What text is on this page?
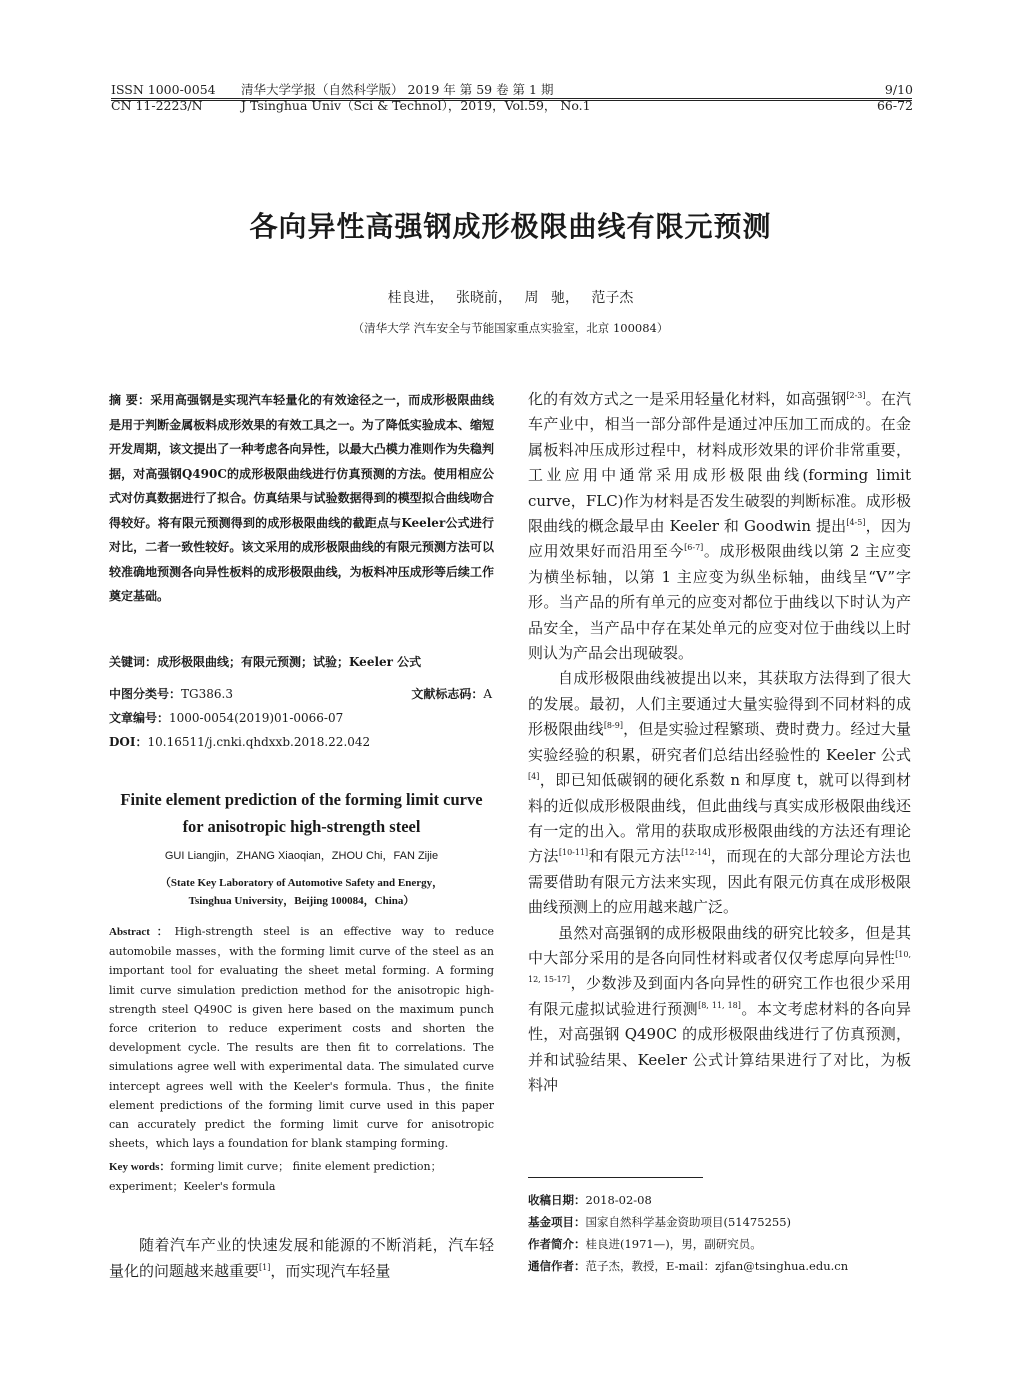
ISSN 1000-0054
CN 11-2223/N
清华大学学报（自然科学版） 2019 年 第 59 卷 第 1 期
J Tsinghua Univ（Sci & Technol），2019，Vol.59， No.1
9/10
66-72
各向异性高强钢成形极限曲线有限元预测
桂良进， 张晓前， 周 驰， 范子杰
（清华大学 汽车安全与节能国家重点实验室，北京 100084）
摘 要：采用高强钢是实现汽车轻量化的有效途径之一，而成形极限曲线是用于判断金属板料成形效果的有效工具之一。为了降低实验成本、缩短开发周期，该文提出了一种考虑各向异性，以最大凸模力准则作为失稳判据，对高强钢Q490C的成形极限曲线进行仿真预测的方法。使用相应公式对仿真数据进行了拟合。仿真结果与试验数据得到的模型拟合曲线吻合得较好。将有限元预测得到的成形极限曲线的截距点与Keeler公式进行对比，二者一致性较好。该文采用的成形极限曲线的有限元预测方法可以较准确地预测各向异性板料的成形极限曲线，为板料冲压成形等后续工作奠定基础。
关键词：成形极限曲线；有限元预测；试验；Keeler 公式
中图分类号：TG386.3	文献标志码：A
文章编号：1000-0054(2019)01-0066-07
DOI：10.16511/j.cnki.qhdxxb.2018.22.042
Finite element prediction of the forming limit curve for anisotropic high-strength steel
GUI Liangjin，ZHANG Xiaoqian，ZHOU Chi，FAN Zijie
（State Key Laboratory of Automotive Safety and Energy，Tsinghua University，Beijing 100084，China）
Abstract：High-strength steel is an effective way to reduce automobile masses，with the forming limit curve of the steel as an important tool for evaluating the sheet metal forming. A forming limit curve simulation prediction method for the anisotropic high-strength steel Q490C is given here based on the maximum punch force criterion to reduce experiment costs and shorten the development cycle. The results are then fit to correlations. The simulations agree well with experimental data. The simulated curve intercept agrees well with the Keeler's formula. Thus，the finite element predictions of the forming limit curve used in this paper can accurately predict the forming limit curve for anisotropic sheets，which lays a foundation for blank stamping forming.
Key words：forming limit curve； finite element prediction； experiment；Keeler's formula
随着汽车产业的快速发展和能源的不断消耗，汽车轻量化的问题越来越重要[1]，而实现汽车轻量

化的有效方式之一是采用轻量化材料，如高强钢[2-3]。在汽车产业中，相当一部分部件是通过冲压加工而成的。在金属板料冲压成形过程中，材料成形效果的评价非常重要，工业应用中通常采用成形极限曲线(forming limit curve，FLC)作为材料是否发生破裂的判断标准。成形极限曲线的概念最早由 Keeler 和 Goodwin 提出[4-5]，因为应用效果好而沿用至今[6-7]。成形极限曲线以第 2 主应变为横坐标轴，以第 1 主应变为纵坐标轴，曲线呈“V”字形。当产品的所有单元的应变对都位于曲线以下时认为产品安全，当产品中存在某处单元的应变对位于曲线以上时则认为产品会出现破裂。

自成形极限曲线被提出以来，其获取方法得到了很大的发展。最初，人们主要通过大量实验得到不同材料的成形极限曲线[8-9]，但是实验过程繁琐、费时费力。经过大量实验经验的积累，研究者们总结出经验性的 Keeler 公式[4]，即已知低碳钢的硬化系数 n 和厚度 t，就可以得到材料的近似成形极限曲线，但此曲线与真实成形极限曲线还有一定的出入。常用的获取成形极限曲线的方法还有理论方法[10-11]和有限元方法[12-14]，而现在的大部分理论方法也需要借助有限元方法来实现，因此有限元仿真在成形极限曲线预测上的应用越来越广泛。

虽然对高强钢的成形极限曲线的研究比较多，但是其中大部分采用的是各向同性材料或者仅仅考虑厚向异性[10, 12, 15-17]，少数涉及到面内各向异性的研究工作也很少采用有限元虚拟试验进行预测[8, 11, 18]。本文考虑材料的各向异性，对高强钢 Q490C 的成形极限曲线进行了仿真预测，并和试验结果、Keeler 公式计算结果进行了对比，为板料冲

收稿日期：2018-02-08
基金项目：国家自然科学基金资助项目(51475255)
作者简介：桂良进(1971—)，男，副研究员。
通信作者：范子杰，教授，E-mail：zjfan@tsinghua.edu.cn
